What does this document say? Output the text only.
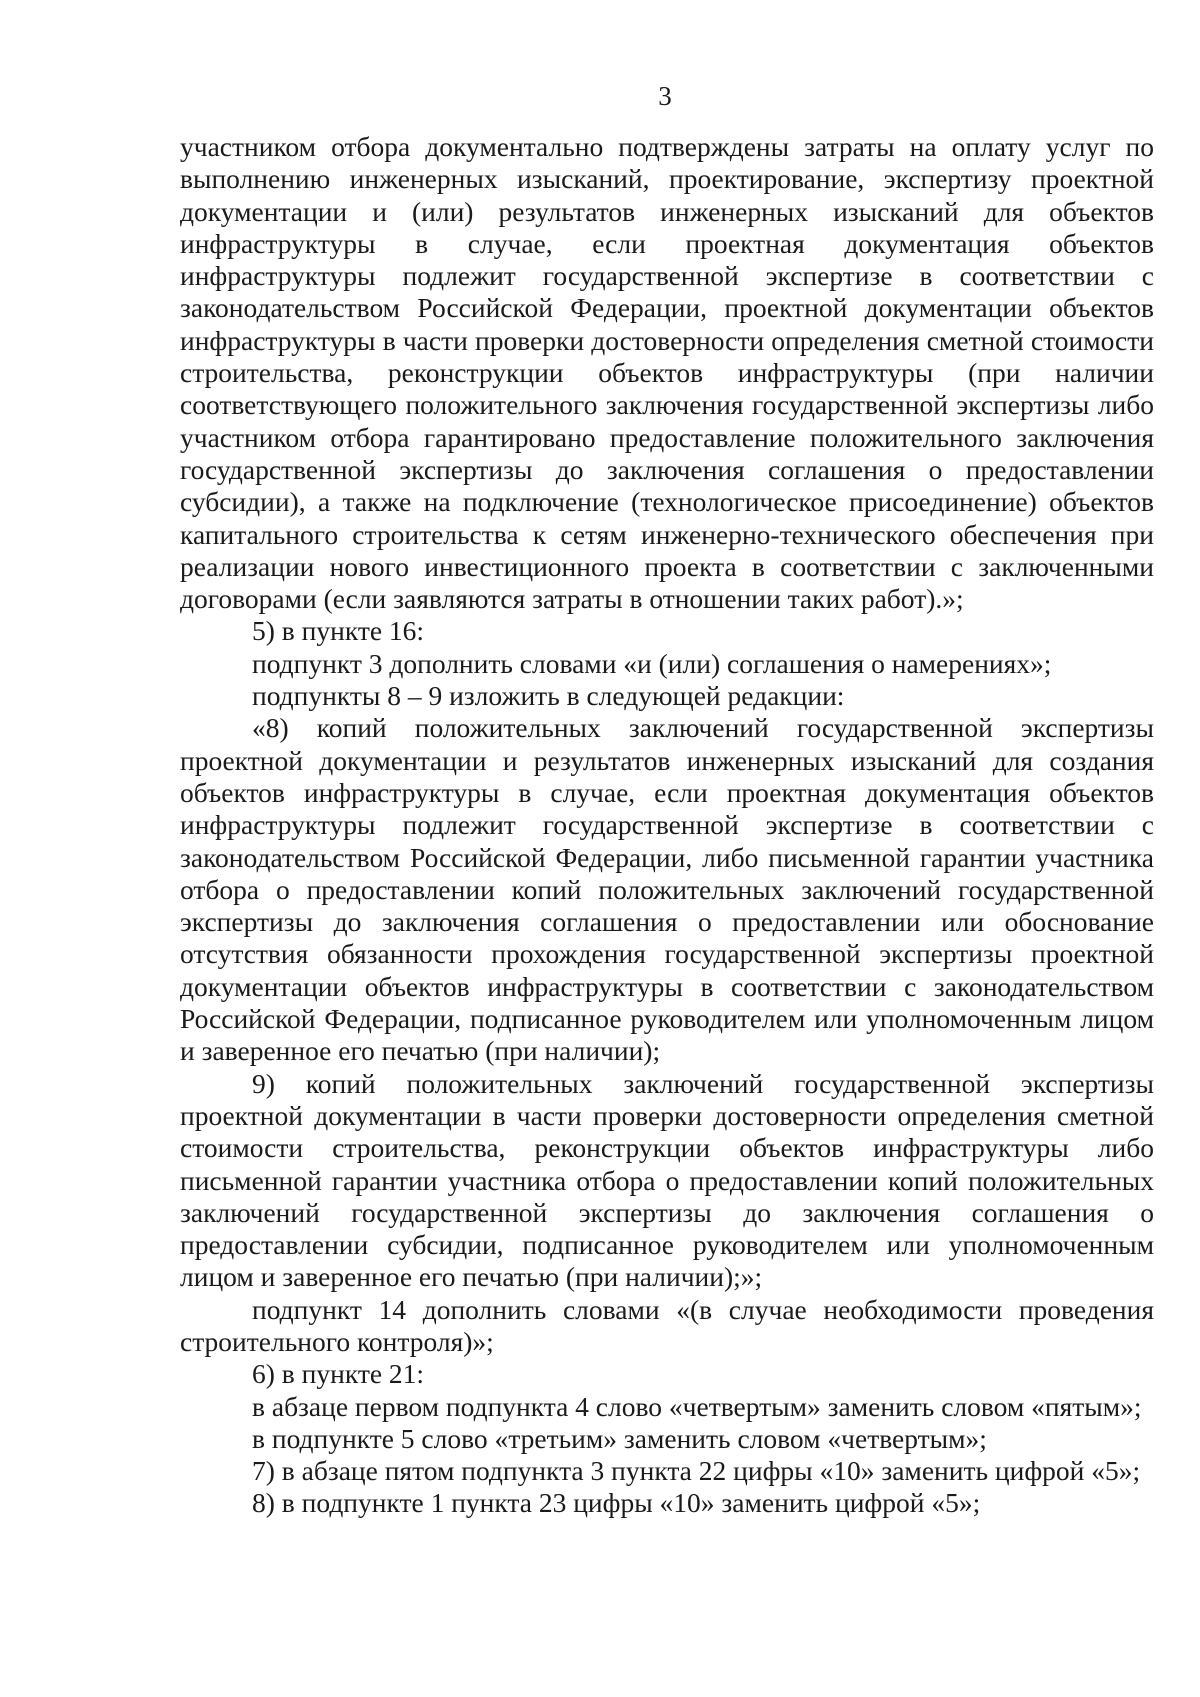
3

участником отбора документально подтверждены затраты на оплату услуг по выполнению инженерных изысканий, проектирование, экспертизу проектной документации и (или) результатов инженерных изысканий для объектов инфраструктуры в случае, если проектная документация объектов инфраструктуры подлежит государственной экспертизе в соответствии с законодательством Российской Федерации, проектной документации объектов инфраструктуры в части проверки достоверности определения сметной стоимости строительства, реконструкции объектов инфраструктуры (при наличии соответствующего положительного заключения государственной экспертизы либо участником отбора гарантировано предоставление положительного заключения государственной экспертизы до заключения соглашения о предоставлении субсидии), а также на подключение (технологическое присоединение) объектов капитального строительства к сетям инженерно-технического обеспечения при реализации нового инвестиционного проекта в соответствии с заключенными договорами (если заявляются затраты в отношении таких работ).»;

5) в пункте 16:

подпункт 3 дополнить словами «и (или) соглашения о намерениях»;

подпункты 8 – 9 изложить в следующей редакции:

«8) копий положительных заключений государственной экспертизы проектной документации и результатов инженерных изысканий для создания объектов инфраструктуры в случае, если проектная документация объектов инфраструктуры подлежит государственной экспертизе в соответствии с законодательством Российской Федерации, либо письменной гарантии участника отбора о предоставлении копий положительных заключений государственной экспертизы до заключения соглашения о предоставлении или обоснование отсутствия обязанности прохождения государственной экспертизы проектной документации объектов инфраструктуры в соответствии с законодательством Российской Федерации, подписанное руководителем или уполномоченным лицом и заверенное его печатью (при наличии);

9) копий положительных заключений государственной экспертизы проектной документации в части проверки достоверности определения сметной стоимости строительства, реконструкции объектов инфраструктуры либо письменной гарантии участника отбора о предоставлении копий положительных заключений государственной экспертизы до заключения соглашения о предоставлении субсидии, подписанное руководителем или уполномоченным лицом и заверенное его печатью (при наличии);»;

подпункт 14 дополнить словами «(в случае необходимости проведения строительного контроля)»;

6) в пункте 21:

в абзаце первом подпункта 4 слово «четвертым» заменить словом «пятым»;

в подпункте 5 слово «третьим» заменить словом «четвертым»;

7) в абзаце пятом подпункта 3 пункта 22 цифры «10» заменить цифрой «5»;

8) в подпункте 1 пункта 23 цифры «10» заменить цифрой «5»;
